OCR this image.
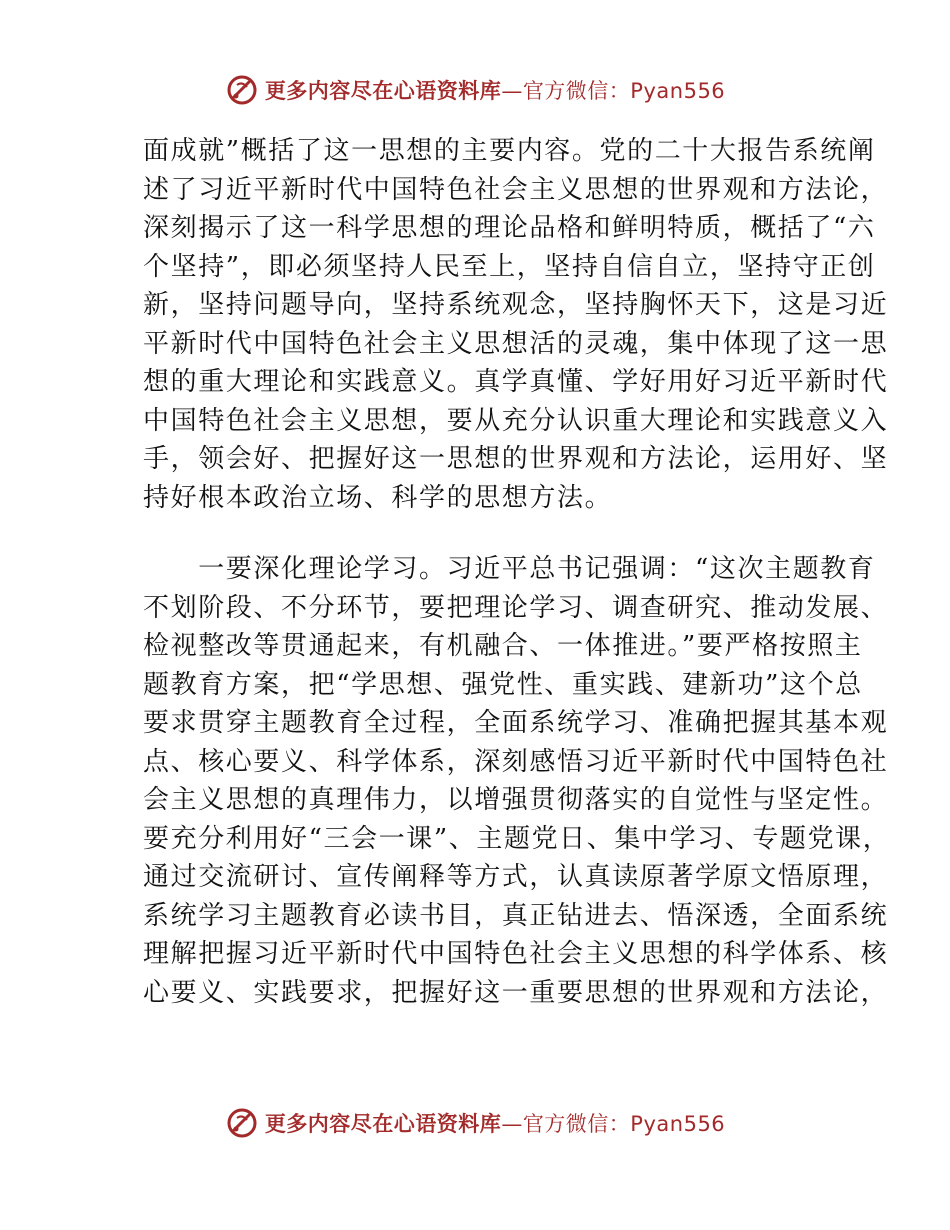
更多内容尽在心语资料库—官方微信：Pyan556
面成就”概括了这一思想的主要内容。党的二十大报告系统阐
述了习近平新时代中国特色社会主义思想的世界观和方法论，
深刻揭示了这一科学思想的理论品格和鲜明特质，概括了“六
个坚持”，即必须坚持人民至上，坚持自信自立，坚持守正创
新，坚持问题导向，坚持系统观念，坚持胸怀天下，这是习近
平新时代中国特色社会主义思想活的灵魂，集中体现了这一思
想的重大理论和实践意义。真学真懂、学好用好习近平新时代
中国特色社会主义思想，要从充分认识重大理论和实践意义入
手，领会好、把握好这一思想的世界观和方法论，运用好、坚
持好根本政治立场、科学的思想方法。
　　一要深化理论学习。习近平总书记强调：“这次主题教育
不划阶段、不分环节，要把理论学习、调查研究、推动发展、
检视整改等贯通起来，有机融合、一体推进。”要严格按照主
题教育方案，把“学思想、强党性、重实践、建新功”这个总
要求贯穿主题教育全过程，全面系统学习、准确把握其基本观
点、核心要义、科学体系，深刻感悟习近平新时代中国特色社
会主义思想的真理伟力，以增强贯彻落实的自觉性与坚定性。
要充分利用好“三会一课”、主题党日、集中学习、专题党课，
通过交流研讨、宣传阐释等方式，认真读原著学原文悟原理，
系统学习主题教育必读书目，真正钻进去、悟深透，全面系统
理解把握习近平新时代中国特色社会主义思想的科学体系、核
心要义、实践要求，把握好这一重要思想的世界观和方法论，
更多内容尽在心语资料库—官方微信：Pyan556
